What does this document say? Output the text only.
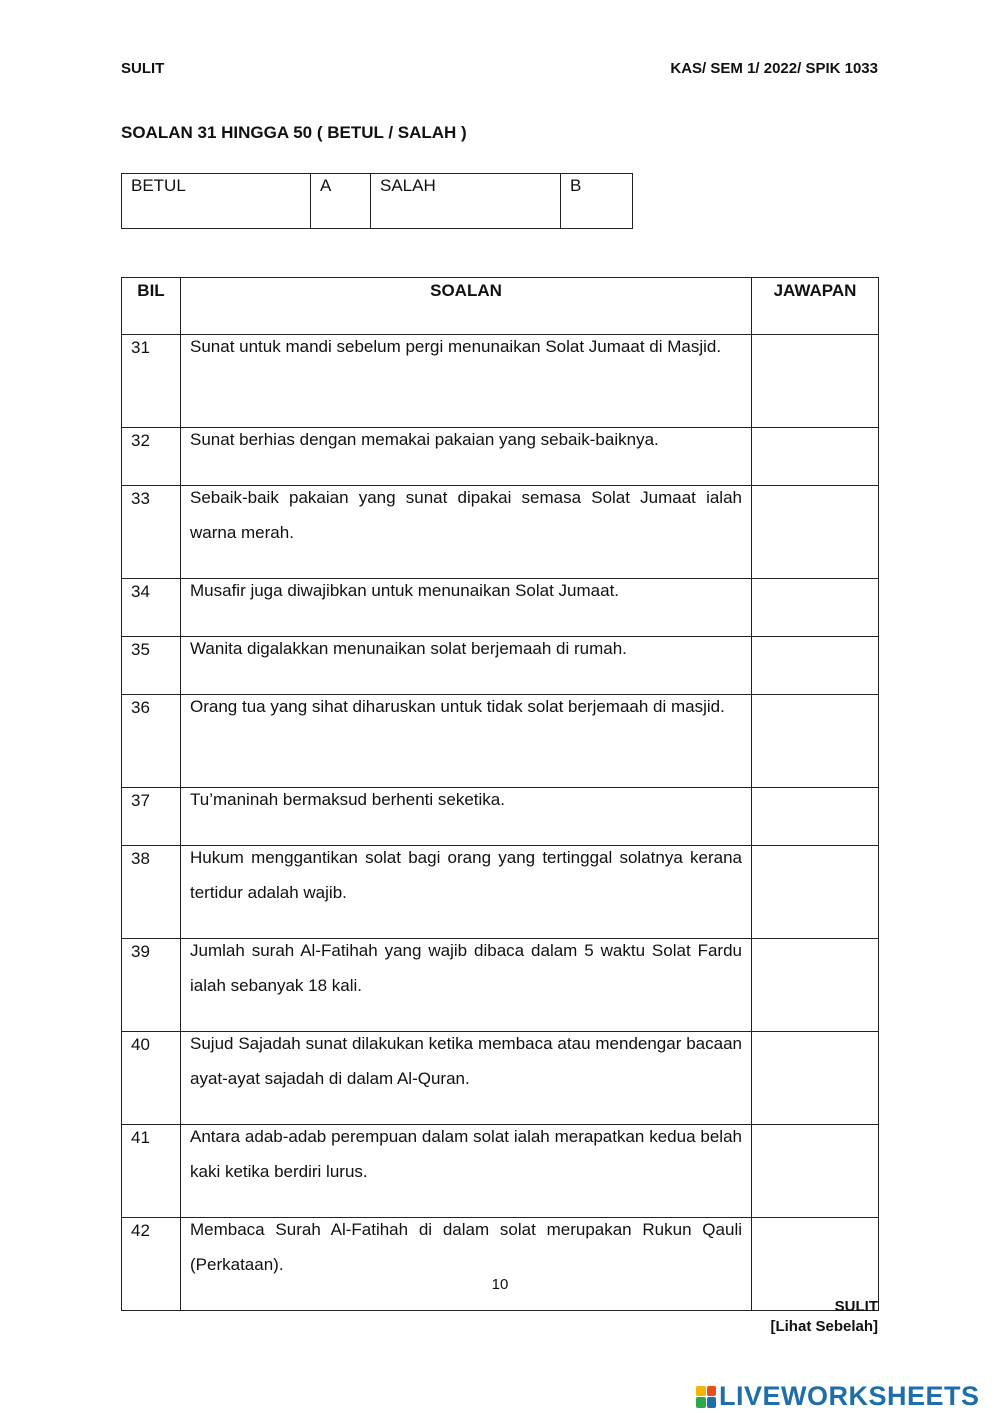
SULIT	KAS/ SEM 1/ 2022/ SPIK 1033
SOALAN 31 HINGGA 50 ( BETUL / SALAH )
BETUL	A	SALAH	B
BIL	SOALAN	JAWAPAN
31	Sunat untuk mandi sebelum pergi menunaikan Solat Jumaat di Masjid.	

32	Sunat berhias dengan memakai pakaian yang sebaik-baiknya.	

33	Sebaik-baik pakaian yang sunat dipakai semasa Solat Jumaat ialah warna merah.	

34	Musafir juga diwajibkan untuk menunaikan Solat Jumaat.	

35	Wanita digalakkan menunaikan solat berjemaah di rumah.	

36	Orang tua yang sihat diharuskan untuk tidak solat berjemaah di masjid.	

37	Tu’maninah bermaksud berhenti seketika.	

38	Hukum menggantikan solat bagi orang yang tertinggal solatnya kerana tertidur adalah wajib.	

39	Jumlah surah Al-Fatihah yang wajib dibaca dalam 5 waktu Solat Fardu ialah sebanyak 18 kali.	

40	Sujud Sajadah sunat dilakukan ketika membaca atau mendengar bacaan ayat-ayat sajadah di dalam Al-Quran.	

41	Antara adab-adab perempuan dalam solat ialah merapatkan kedua belah kaki ketika berdiri lurus.	

42	Membaca Surah Al-Fatihah di dalam solat merupakan Rukun Qauli (Perkataan).	

10
SULIT
[Lihat Sebelah]
LIVEWORKSHEETS
